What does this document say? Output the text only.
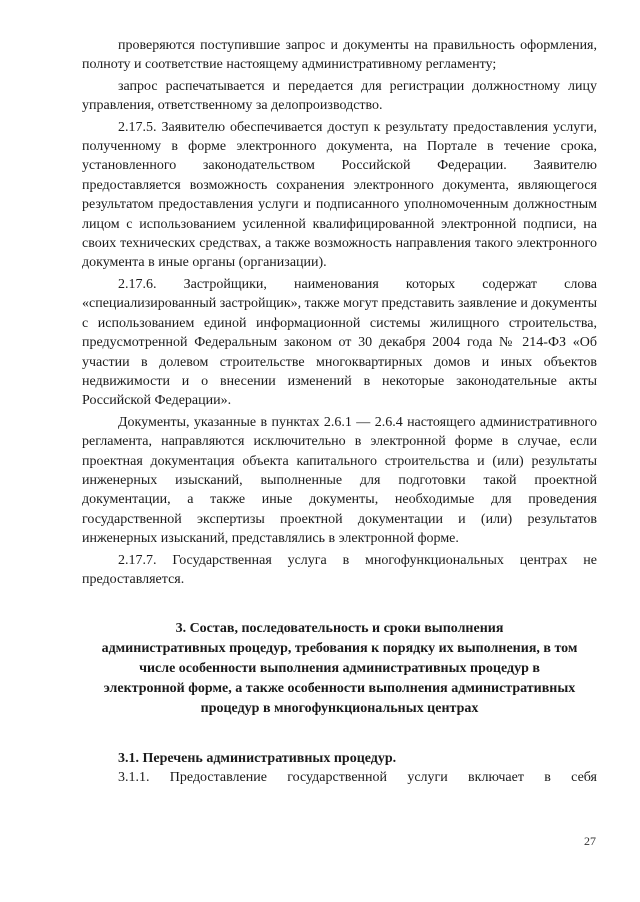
проверяются поступившие запрос и документы на правильность оформления, полноту и соответствие настоящему административному регламенту;

запрос распечатывается и передается для регистрации должностному лицу управления, ответственному за делопроизводство.

2.17.5. Заявителю обеспечивается доступ к результату предоставления услуги, полученному в форме электронного документа, на Портале в течение срока, установленного законодательством Российской Федерации. Заявителю предоставляется возможность сохранения электронного документа, являющегося результатом предоставления услуги и подписанного уполномоченным должностным лицом с использованием усиленной квалифицированной электронной подписи, на своих технических средствах, а также возможность направления такого электронного документа в иные органы (организации).

2.17.6. Застройщики, наименования которых содержат слова «специализированный застройщик», также могут представить заявление и документы с использованием единой информационной системы жилищного строительства, предусмотренной Федеральным законом от 30 декабря 2004 года № 214-ФЗ «Об участии в долевом строительстве многоквартирных домов и иных объектов недвижимости и о внесении изменений в некоторые законодательные акты Российской Федерации».

Документы, указанные в пунктах 2.6.1 — 2.6.4 настоящего административного регламента, направляются исключительно в электронной форме в случае, если проектная документация объекта капитального строительства и (или) результаты инженерных изысканий, выполненные для подготовки такой проектной документации, а также иные документы, необходимые для проведения государственной экспертизы проектной документации и (или) результатов инженерных изысканий, представлялись в электронной форме.

2.17.7. Государственная услуга в многофункциональных центрах не предоставляется.

3. Состав, последовательность и сроки выполнения
административных процедур, требования к порядку их выполнения, в том
числе особенности выполнения административных процедур в
электронной форме, а также особенности выполнения административных
процедур в многофункциональных центрах
3.1. Перечень административных процедур.

3.1.1. Предоставление государственной услуги включает в себя

27
